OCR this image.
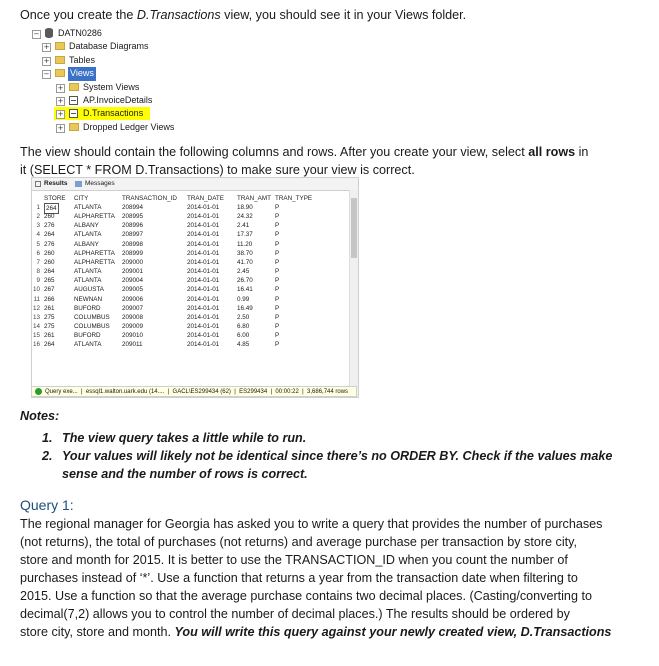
Once you create the D.Transactions view, you should see it in your Views folder.

− DATN0286
+ Database Diagrams
+ Tables
− Views
+ System Views
+ AP.InvoiceDetails
+ D.Transactions
+ Dropped Ledger Views

The view should contain the following columns and rows. After you create your view, select all rows in

it (SELECT * FROM D.Transactions) to make sure your view is correct.

Results	Messages
STORE CITY	TRANSACTION_ID TRAN_DATE TRAN_AMT TRAN_TYPE
1 264	ATLANTA	208994	2014-01-01	18.90	P
2 260	ALPHARETTA 208995	2014-01-01	24.32	P
3 276	ALBANY	208996	2014-01-01	2.41	P
4 264	ATLANTA	208997	2014-01-01	17.37	P
5 276	ALBANY	208998	2014-01-01	11.20	P
6 260	ALPHARETTA 208999	2014-01-01	38.70	P
7 260	ALPHARETTA 209000	2014-01-01	41.70	P
8 264	ATLANTA	209001	2014-01-01	2.45	P
9 265	ATLANTA	209004	2014-01-01	26.70	P
10 267	AUGUSTA	209005	2014-01-01	16.41	P
11 266	NEWNAN	209006	2014-01-01	0.99	P
12 261	BUFORD	209007	2014-01-01	16.49	P
13 275	COLUMBUS 209008	2014-01-01	2.50	P
14 275	COLUMBUS 209009	2014-01-01	6.80	P
15 261	BUFORD	209010	2014-01-01	6.00	P
16 264	ATLANTA	209011	2014-01-01	4.85	P
Query exe...  |  essql1.walton.uark.edu (14....  |  GACL\ES299434 (62)  |  ES299434  |  00:00:22  |  3,686,744 rows

Notes:

1. The view query takes a little while to run.
2. Your values will likely not be identical since there’s no ORDER BY. Check if the values make
sense and the number of rows is correct.

Query 1:

The regional manager for Georgia has asked you to write a query that provides the number of purchases

(not returns), the total of purchases (not returns) and average purchase per transaction by store city,

store and month for 2015. It is better to use the TRANSACTION_ID when you count the number of

purchases instead of ‘*’. Use a function that returns a year from the transaction date when filtering to

2015. Use a function so that the average purchase contains two decimal places. (Casting/converting to

decimal(7,2) allows you to control the number of decimal places.) The results should be ordered by

store city, store and month. You will write this query against your newly created view, D.Transactions
